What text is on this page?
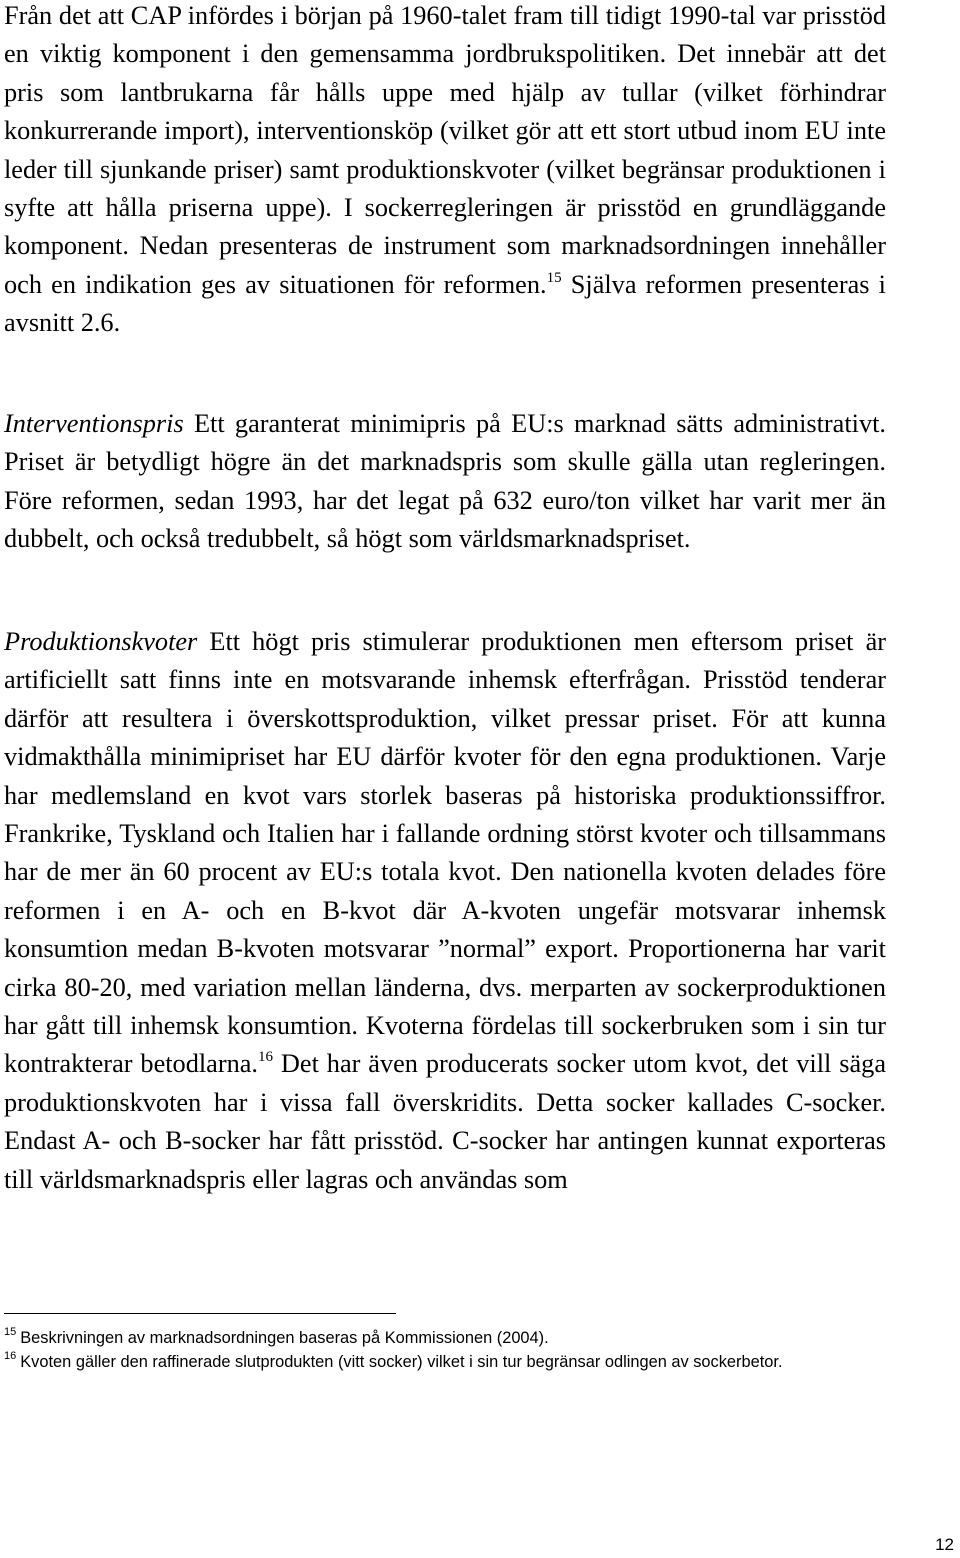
Från det att CAP infördes i början på 1960-talet fram till tidigt 1990-tal var prisstöd en viktig komponent i den gemensamma jordbrukspolitiken. Det innebär att det pris som lantbrukarna får hålls uppe med hjälp av tullar (vilket förhindrar konkurrerande import), interventionsköp (vilket gör att ett stort utbud inom EU inte leder till sjunkande priser) samt produktionskvoter (vilket begränsar produktionen i syfte att hålla priserna uppe). I sockerregleringen är prisstöd en grundläggande komponent. Nedan presenteras de instrument som marknadsordningen innehåller och en indikation ges av situationen för reformen.$^{15}$ Själva reformen presenteras i avsnitt 2.6.

Interventionspris Ett garanterat minimipris på EU:s marknad sätts administrativt. Priset är betydligt högre än det marknadspris som skulle gälla utan regleringen. Före reformen, sedan 1993, har det legat på 632 euro/ton vilket har varit mer än dubbelt, och också tredubbelt, så högt som världsmarknadspriset.

Produktionskvoter Ett högt pris stimulerar produktionen men eftersom priset är artificiellt satt finns inte en motsvarande inhemsk efterfrågan. Prisstöd tenderar därför att resultera i överskottsproduktion, vilket pressar priset. För att kunna vidmakthålla minimipriset har EU därför kvoter för den egna produktionen. Varje har medlemsland en kvot vars storlek baseras på historiska produktionssiffror. Frankrike, Tyskland och Italien har i fallande ordning störst kvoter och tillsammans har de mer än 60 procent av EU:s totala kvot. Den nationella kvoten delades före reformen i en A- och en B-kvot där A-kvoten ungefär motsvarar inhemsk konsumtion medan B-kvoten motsvarar ”normal” export. Proportionerna har varit cirka 80-20, med variation mellan länderna, dvs. merparten av sockerproduktionen har gått till inhemsk konsumtion. Kvoterna fördelas till sockerbruken som i sin tur kontrakterar betodlarna.$^{16}$ Det har även producerats socker utom kvot, det vill säga produktionskvoten har i vissa fall överskridits. Detta socker kallades C-socker. Endast A- och B-socker har fått prisstöd. C-socker har antingen kunnat exporteras till världsmarknadspris eller lagras och användas som

$^{15}$ Beskrivningen av marknadsordningen baseras på Kommissionen (2004).

$^{16}$ Kvoten gäller den raffinerade slutprodukten (vitt socker) vilket i sin tur begränsar odlingen av sockerbetor.

12
